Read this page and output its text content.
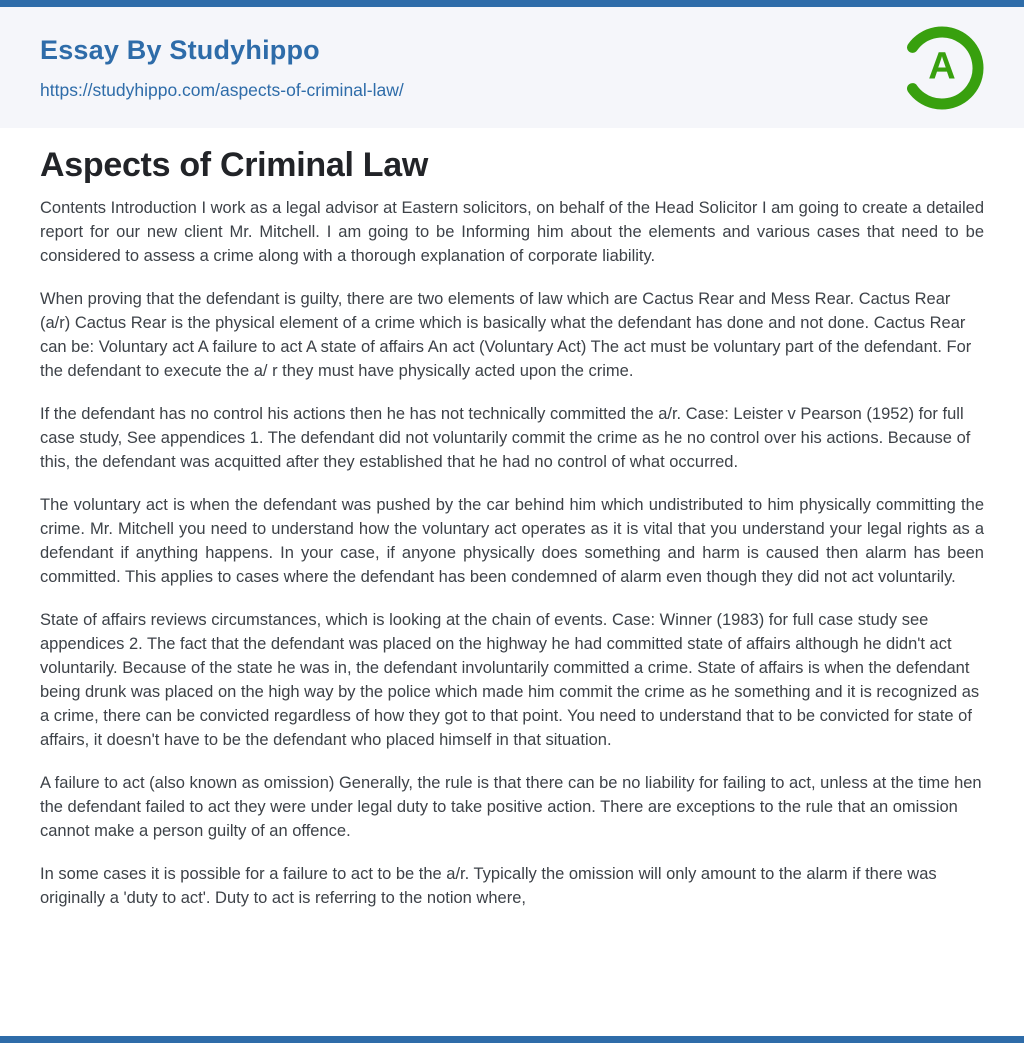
Essay By Studyhippo
https://studyhippo.com/aspects-of-criminal-law/
A
Aspects of Criminal Law

Contents Introduction I work as a legal advisor at Eastern solicitors, on behalf of the Head Solicitor I am going to create a detailed report for our new client Mr. Mitchell. I am going to be Informing him about the elements and various cases that need to be considered to assess a crime along with a thorough explanation of corporate liability.

When proving that the defendant is guilty, there are two elements of law which are Cactus Rear and Mess Rear. Cactus Rear (a/r) Cactus Rear is the physical element of a crime which is basically what the defendant has done and not done. Cactus Rear can be: Voluntary act A failure to act A state of affairs An act (Voluntary Act) The act must be voluntary part of the defendant. For the defendant to execute the a/ r they must have physically acted upon the crime.

If the defendant has no control his actions then he has not technically committed the a/r. Case: Leister v Pearson (1952) for full case study, See appendices 1. The defendant did not voluntarily commit the crime as he no control over his actions. Because of this, the defendant was acquitted after they established that he had no control of what occurred.

The voluntary act is when the defendant was pushed by the car behind him which undistributed to him physically committing the crime. Mr. Mitchell you need to understand how the voluntary act operates as it is vital that you understand your legal rights as a defendant if anything happens. In your case, if anyone physically does something and harm is caused then alarm has been committed. This applies to cases where the defendant has been condemned of alarm even though they did not act voluntarily.

State of affairs reviews circumstances, which is looking at the chain of events. Case: Winner (1983) for full case study see appendices 2. The fact that the defendant was placed on the highway he had committed state of affairs although he didn't act voluntarily. Because of the state he was in, the defendant involuntarily committed a crime. State of affairs is when the defendant being drunk was placed on the high way by the police which made him commit the crime as he something and it is recognized as a crime, there can be convicted regardless of how they got to that point. You need to understand that to be convicted for state of affairs, it doesn't have to be the defendant who placed himself in that situation.

A failure to act (also known as omission) Generally, the rule is that there can be no liability for failing to act, unless at the time hen the defendant failed to act they were under legal duty to take positive action. There are exceptions to the rule that an omission cannot make a person guilty of an offence.

In some cases it is possible for a failure to act to be the a/r. Typically the omission will only amount to the alarm if there was originally a 'duty to act'. Duty to act is referring to the notion where,
